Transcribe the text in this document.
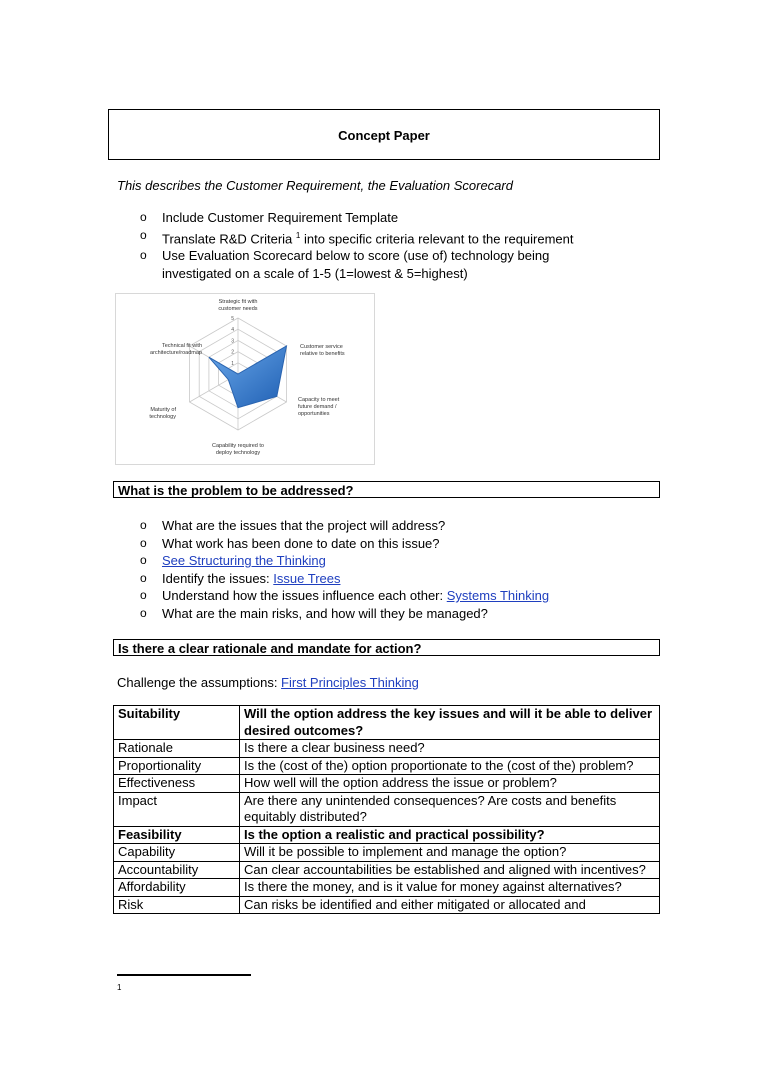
Concept Paper
This describes the Customer Requirement, the Evaluation Scorecard
o Include Customer Requirement Template
o Translate R&D Criteria $^1$ into specific criteria relevant to the requirement
o Use Evaluation Scorecard below to score (use of) technology being
investigated on a scale of 1-5 (1=lowest & 5=highest)
1
2
3
4
5
Strategic fit with
customer needs
Customer service
relative to benefits
Capacity to meet
future demand /
opportunities
Capability required to
deploy technology
Maturity of
technology
Technical fit with
architecture/roadmap
What is the problem to be addressed?
o What are the issues that the project will address?
o What work has been done to date on this issue?
o See Structuring the Thinking
o Identify the issues: Issue Trees
o Understand how the issues influence each other: Systems Thinking
o What are the main risks, and how will they be managed?
Is there a clear rationale and mandate for action?
Challenge the assumptions: First Principles Thinking
Suitability	Will the option address the key issues and will it be able to deliver desired outcomes?
Rationale	Is there a clear business need?
Proportionality	Is the (cost of the) option proportionate to the (cost of the) problem?
Effectiveness	How well will the option address the issue or problem?
Impact	Are there any unintended consequences? Are costs and benefits equitably distributed?
Feasibility	Is the option a realistic and practical possibility?
Capability	Will it be possible to implement and manage the option?
Accountability	Can clear accountabilities be established and aligned with incentives?
Affordability	Is there the money, and is it value for money against alternatives?
Risk	Can risks be identified and either mitigated or allocated and
1
